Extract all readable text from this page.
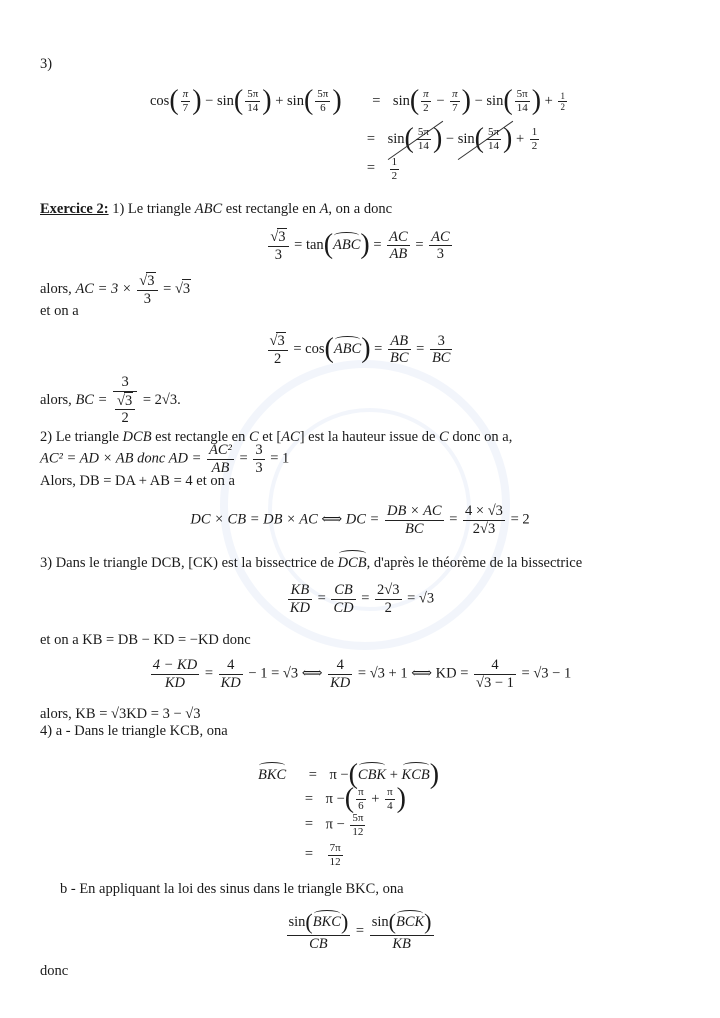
3)
$\cos( \frac{\pi}{7}$ ) − $\sin( \frac{5\pi}{14}$ ) + $\sin( \frac{5\pi}{6}$ ) = $\sin( \frac{\pi}{2} - \frac{\pi}{7}$ ) − $\sin( \frac{5\pi}{14}$ ) + $\frac{1}{2}$
= $\sin( \frac{5\pi}{14}$ ) − $\sin( \frac{5\pi}{14}$ ) + $\frac{1}{2}$
= $\frac{1}{2}$
Exercice 2: 1) Le triangle ABC est rectangle en A, on a donc
$\frac{√3}{3} = \tan(ABC) = \frac{AC}{AB} = \frac{AC}{3}$
alors, AC = $3 \times \frac{√3}{3} = √3$
et on a
$\frac{√3}{2} = \cos(ABC) = \frac{AB}{BC} = \frac{3}{BC}$
alors, BC = $\frac{3}{\frac{√3}{2}} = 2√3$.
2) Le triangle DCB est rectangle en C et [AC] est la hauteur issue de C donc on a,
AC² = AD × AB donc AD = $\frac{\text{AC²}}{AB} = \frac{3}{3} = 1$
Alors, DB = DA + AB = 4 et on a
DC × CB = DB × AC ⟺ DC = $\frac{DB \times AC}{BC} = \frac{4 \times √3}{2√3} = 2$
3) Dans le triangle DCB, [CK) est la bissectrice de DCB, d'après le théorème de la bissectrice
$\frac{KB}{KD} = \frac{CB}{CD} = \frac{2√3}{2} = √3$
et on a KB = DB − KD = −KD donc
$\frac{4 - KD}{KD} = \frac{4}{KD} - 1 = √3$ ⟺ $\frac{4}{KD} = √3 + 1$ ⟺ KD = $\frac{4}{√3 - 1} = √3 - 1$
alors, KB = √3KD = 3 − √3
4) a - Dans le triangle KCB, ona
BKC = π −(CBK + KCB)
= π −( $\frac{\pi}{6} + \frac{\pi}{4}$ )
= $\pi - \frac{5\pi}{12}$
= $\frac{7\pi}{12}$
b - En appliquant la loi des sinus dans le triangle BKC, ona
$\frac{\text{sin(BKC)}}{CB} = \frac{\text{sin(BCK)}}{KB}$
donc
